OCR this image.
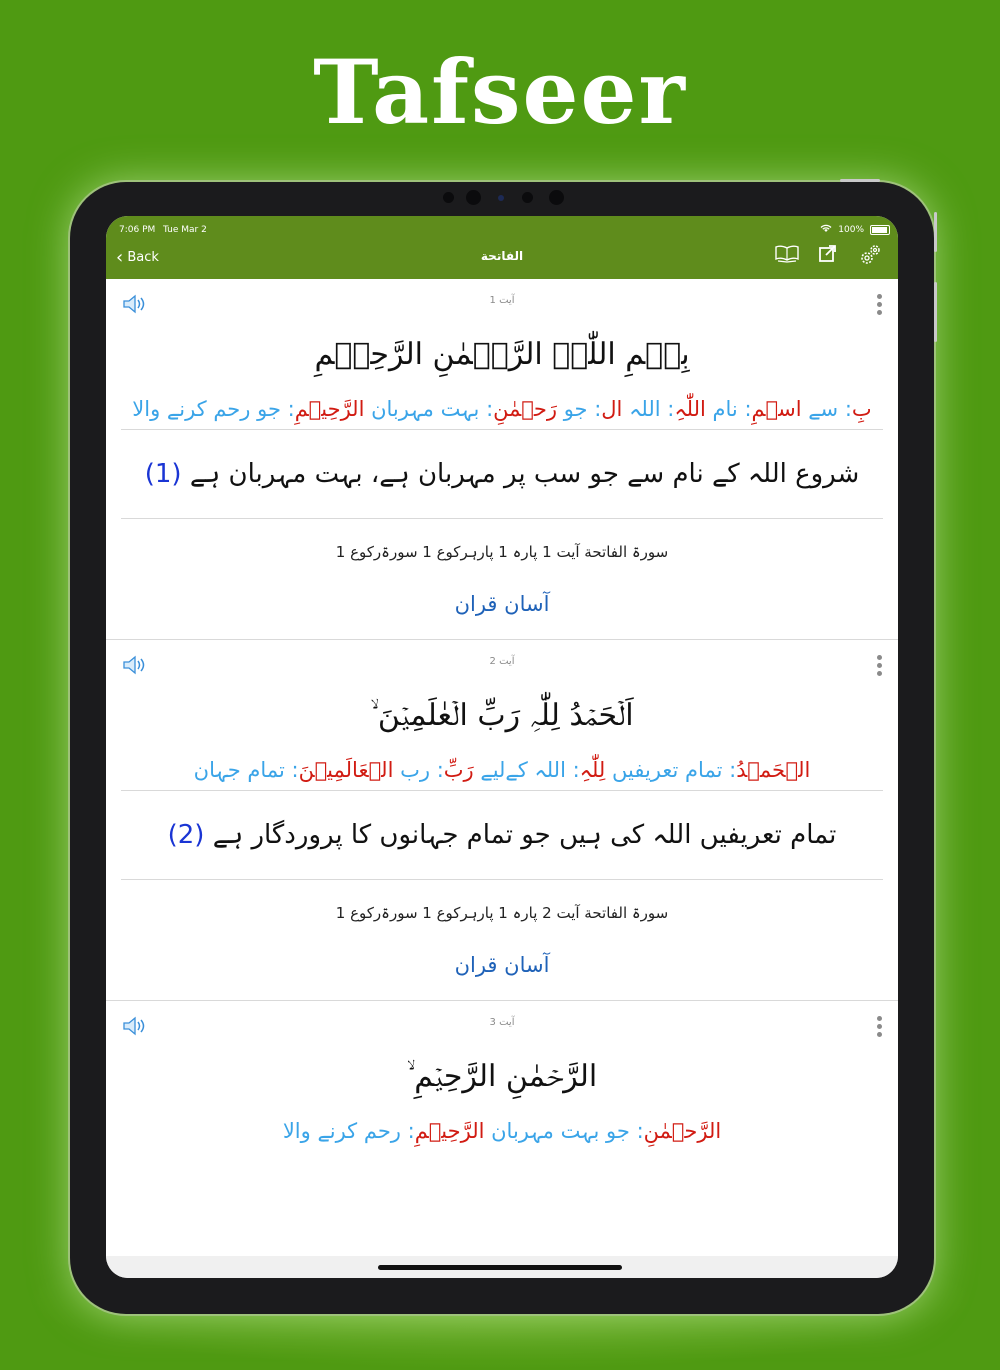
Tafseer
7:06 PM Tue Mar 2	100%
‹ Back	الفاتحة
آیت 1
بِسۡمِ اللّٰہِ الرَّحۡمٰنِ الرَّحِیۡمِ
بِ: سے اسۡمِ: نام اللّٰہِ: اللہ ال: جو رَحۡمٰنِ: بہت مہربان الرَّحِیۡمِ: جو رحم کرنے والا
شروع اللہ کے نام سے جو سب پر مہربان ہے، بہت مہربان ہے (1)
سورۃ الفاتحة آیت 1 پارہ 1 پارہرکوع 1 سورۃرکوع 1
آسان قران
آیت 2
اَلۡحَمۡدُ لِلّٰہِ رَبِّ الۡعٰلَمِیۡنَ ۙ
الۡحَمۡدُ: تمام تعریفیں لِلّٰہِ: اللہ کےلیے رَبِّ: رب الۡعَالَمِيۡنَ: تمام جہان
تمام تعریفیں اللہ کی ہیں جو تمام جہانوں کا پروردگار ہے (2)
سورۃ الفاتحة آیت 2 پارہ 1 پارہرکوع 1 سورۃرکوع 1
آسان قران
آیت 3
الرَّحۡمٰنِ الرَّحِیۡمِ ۙ
الرَّحۡمٰنِ: جو بہت مہربان الرَّحِيۡمِ: رحم کرنے والا
